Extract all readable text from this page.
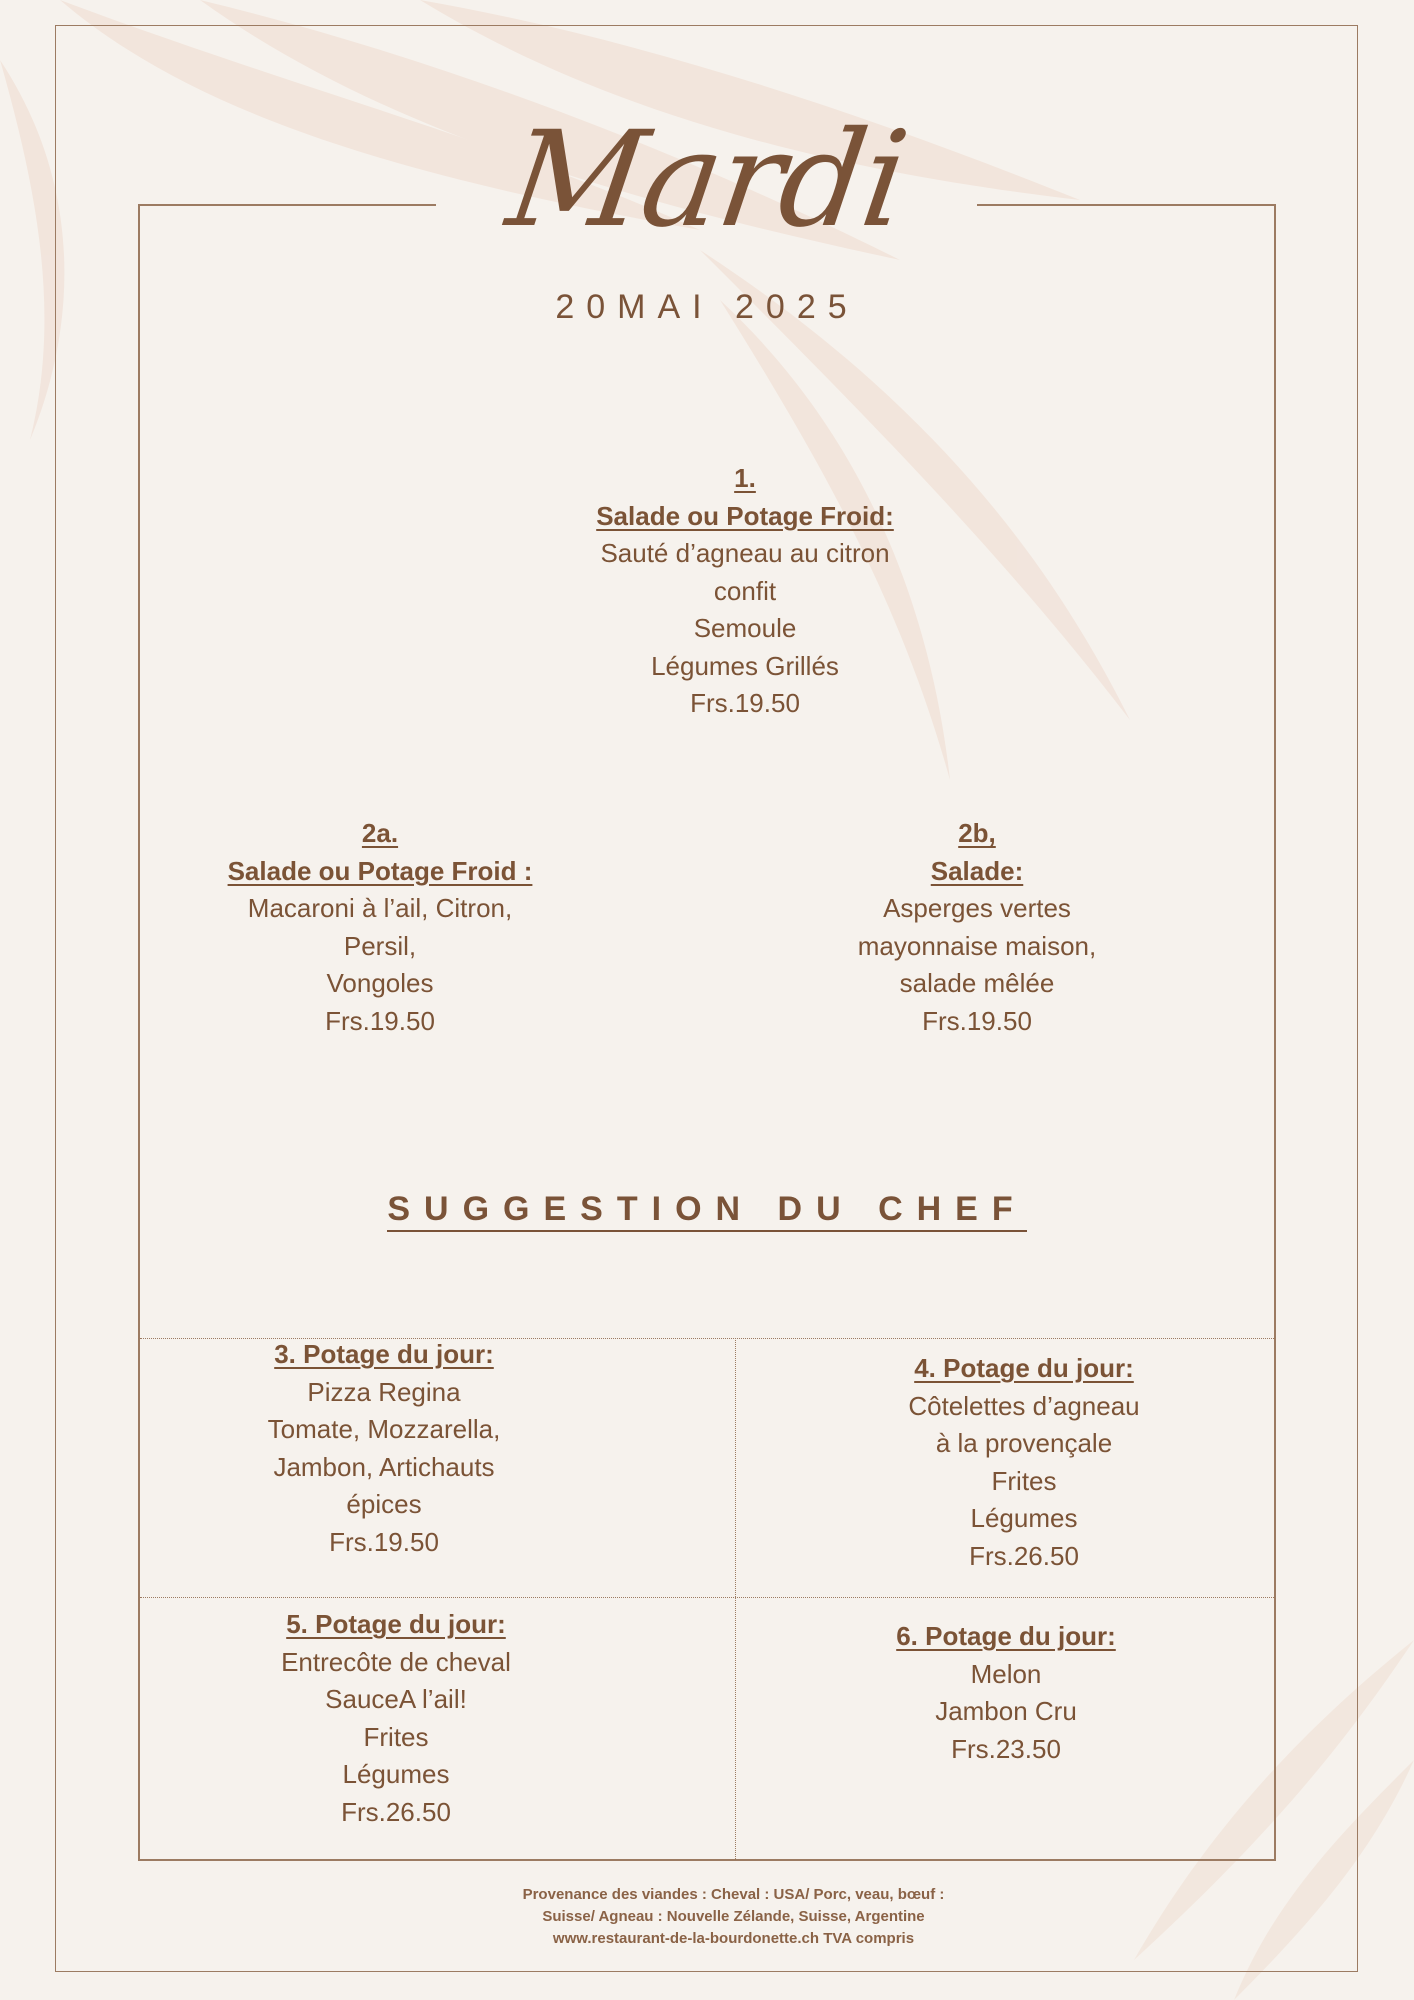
Mardi
20MAI 2025
1.
Salade ou Potage Froid:
Sauté d’agneau au citron
confit
Semoule
Légumes Grillés
Frs.19.50
2a.
Salade ou Potage Froid :
Macaroni à l’ail, Citron,
Persil,
Vongoles
Frs.19.50
2b,
Salade:
Asperges vertes
mayonnaise maison,
salade mêlée
Frs.19.50
SUGGESTION DU CHEF
3. Potage du jour:
Pizza Regina
Tomate, Mozzarella,
Jambon, Artichauts
épices
Frs.19.50
4. Potage du jour:
Côtelettes d’agneau
à la provençale
Frites
Légumes
Frs.26.50
5. Potage du jour:
Entrecôte de cheval
SauceA l’ail!
Frites
Légumes
Frs.26.50
6. Potage du jour:
Melon
Jambon Cru
Frs.23.50
Provenance des viandes : Cheval : USA/ Porc, veau, bœuf :
Suisse/ Agneau : Nouvelle Zélande, Suisse, Argentine
www.restaurant-de-la-bourdonette.ch TVA compris
